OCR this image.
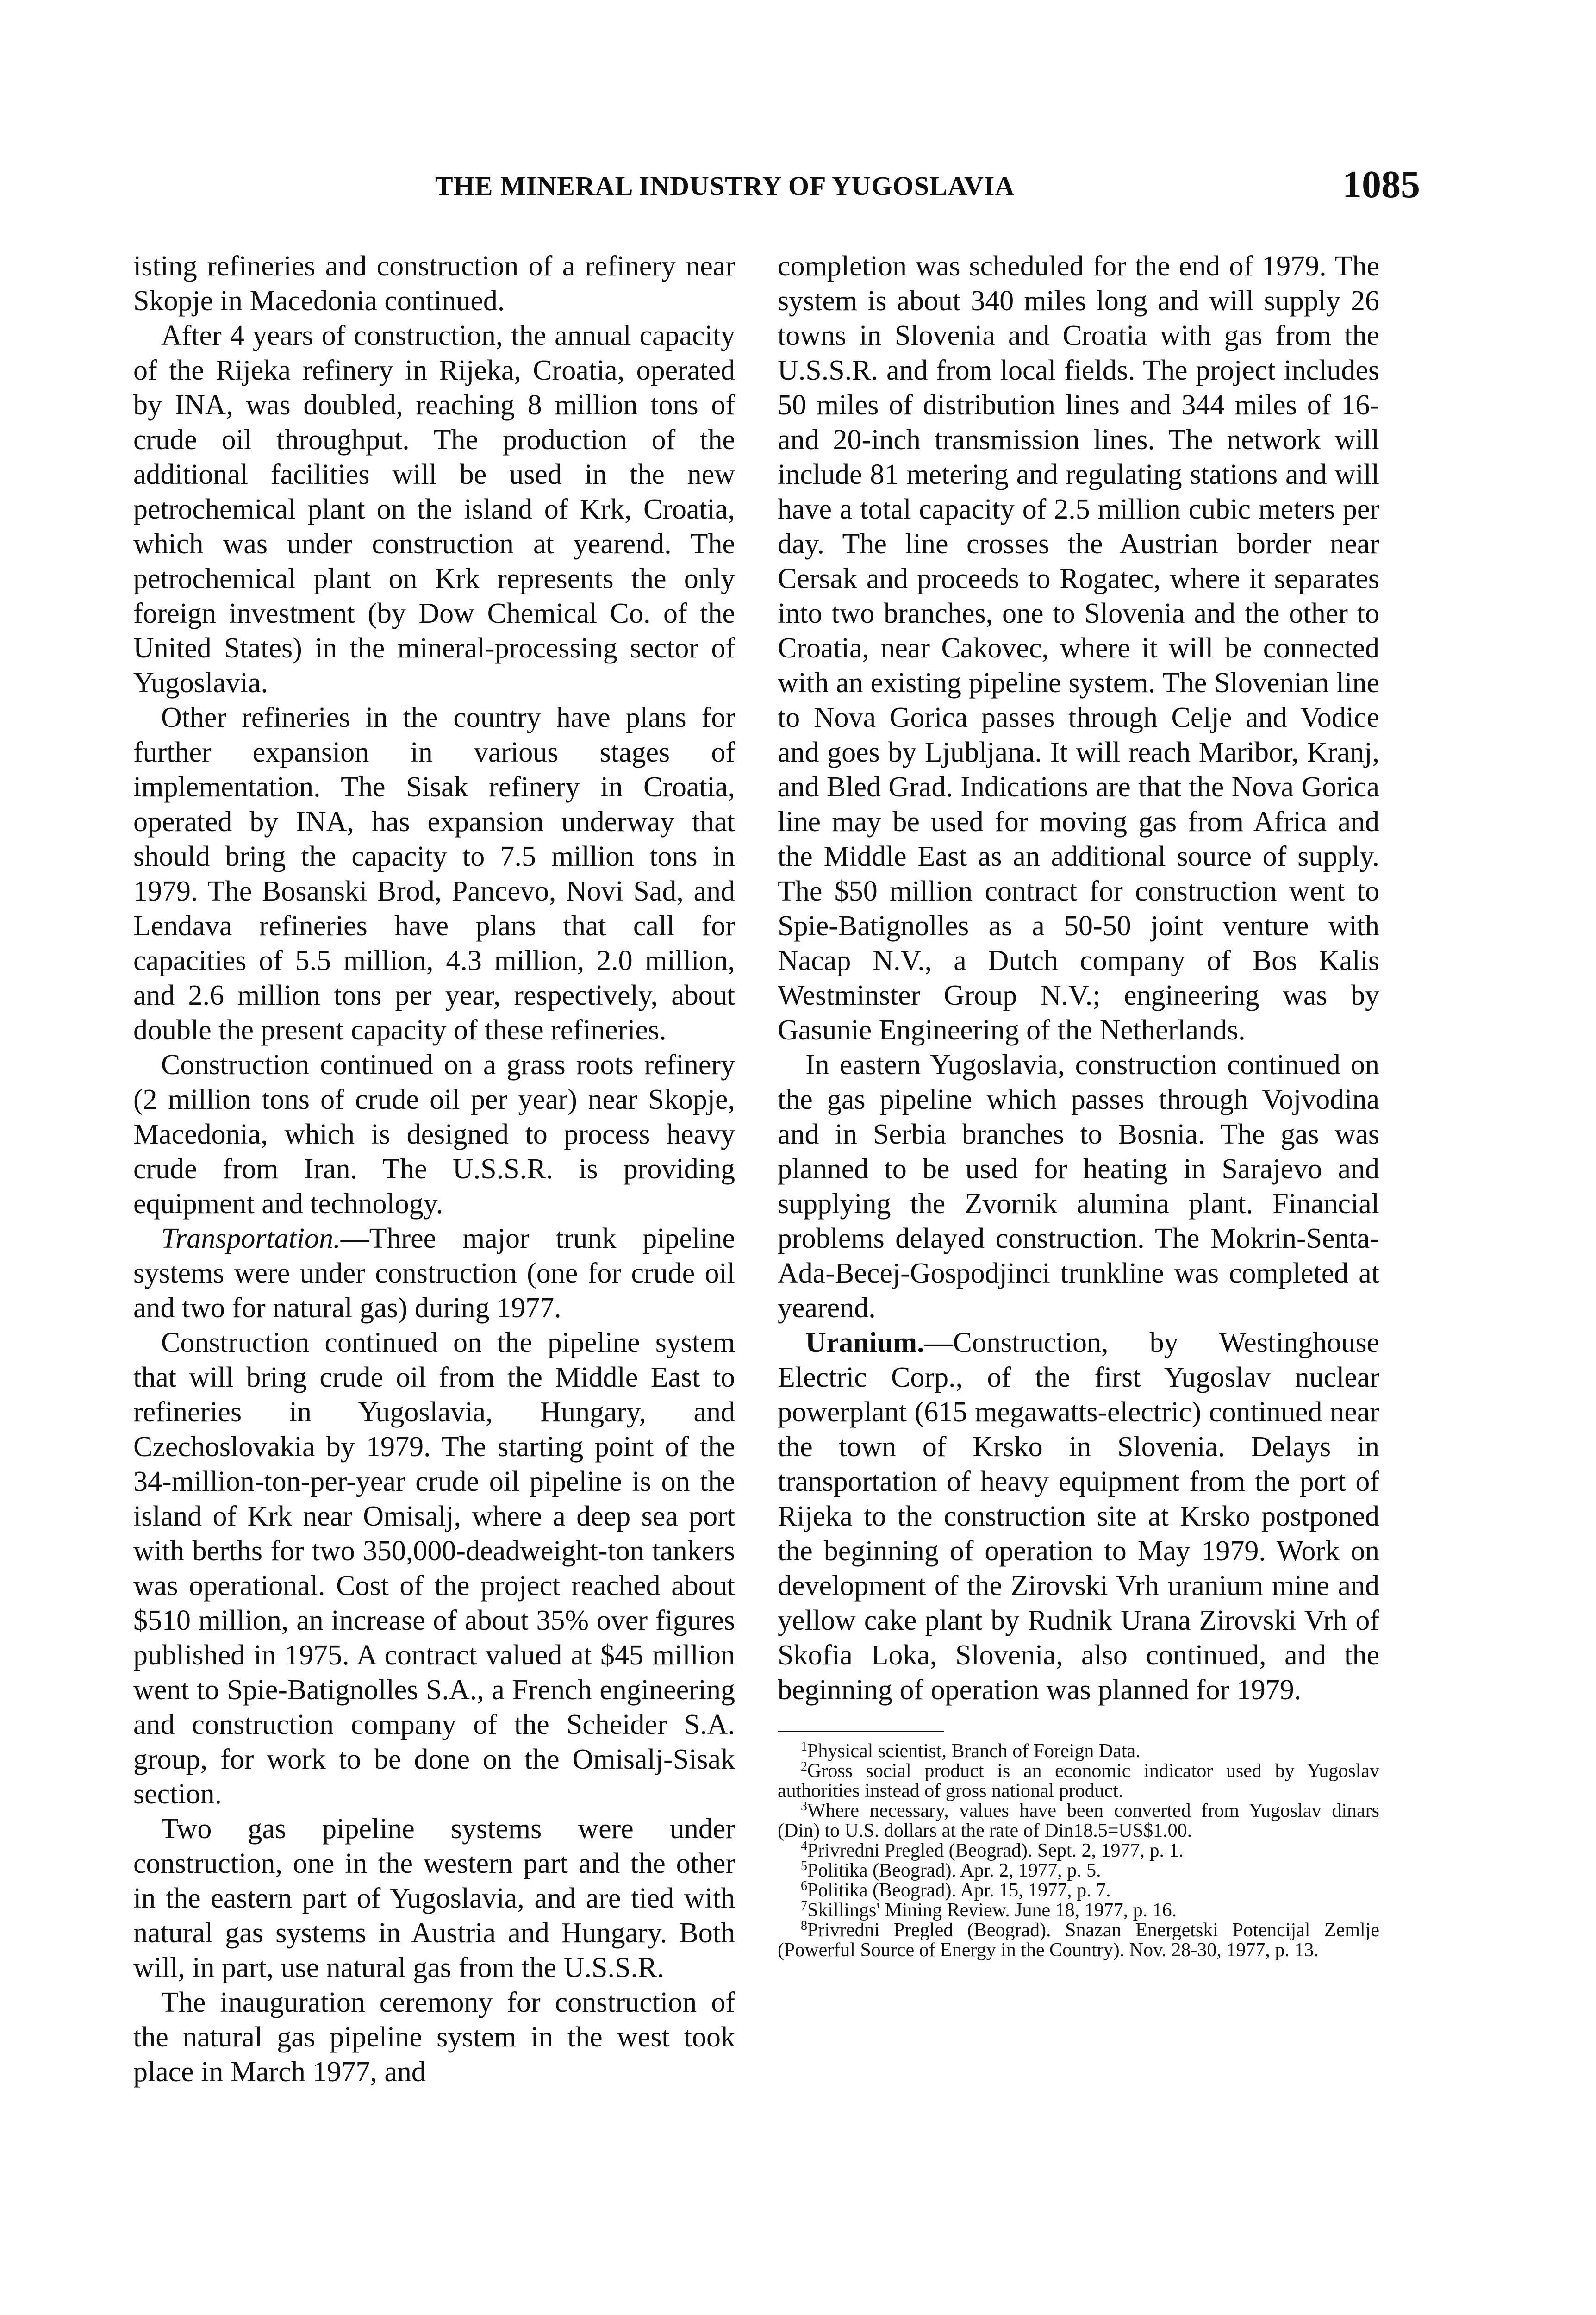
THE MINERAL INDUSTRY OF YUGOSLAVIA	1085

isting refineries and construction of a refinery near Skopje in Macedonia continued.

After 4 years of construction, the annual capacity of the Rijeka refinery in Rijeka, Croatia, operated by INA, was doubled, reaching 8 million tons of crude oil throughput. The production of the additional facilities will be used in the new petrochemical plant on the island of Krk, Croatia, which was under construction at yearend. The petrochemical plant on Krk represents the only foreign investment (by Dow Chemical Co. of the United States) in the mineral-processing sector of Yugoslavia.

Other refineries in the country have plans for further expansion in various stages of implementation. The Sisak refinery in Croatia, operated by INA, has expansion underway that should bring the capacity to 7.5 million tons in 1979. The Bosanski Brod, Pancevo, Novi Sad, and Lendava refineries have plans that call for capacities of 5.5 million, 4.3 million, 2.0 million, and 2.6 million tons per year, respectively, about double the present capacity of these refineries.

Construction continued on a grass roots refinery (2 million tons of crude oil per year) near Skopje, Macedonia, which is designed to process heavy crude from Iran. The U.S.S.R. is providing equipment and technology.

Transportation.—Three major trunk pipeline systems were under construction (one for crude oil and two for natural gas) during 1977.

Construction continued on the pipeline system that will bring crude oil from the Middle East to refineries in Yugoslavia, Hungary, and Czechoslovakia by 1979. The starting point of the 34-million-ton-per-year crude oil pipeline is on the island of Krk near Omisalj, where a deep sea port with berths for two 350,000-deadweight-ton tankers was operational. Cost of the project reached about $510 million, an increase of about 35% over figures published in 1975. A contract valued at $45 million went to Spie-Batignolles S.A., a French engineering and construction company of the Scheider S.A. group, for work to be done on the Omisalj-Sisak section.

Two gas pipeline systems were under construction, one in the western part and the other in the eastern part of Yugoslavia, and are tied with natural gas systems in Austria and Hungary. Both will, in part, use natural gas from the U.S.S.R.

The inauguration ceremony for construction of the natural gas pipeline system in the west took place in March 1977, and

completion was scheduled for the end of 1979. The system is about 340 miles long and will supply 26 towns in Slovenia and Croatia with gas from the U.S.S.R. and from local fields. The project includes 50 miles of distribution lines and 344 miles of 16- and 20-inch transmission lines. The network will include 81 metering and regulating stations and will have a total capacity of 2.5 million cubic meters per day. The line crosses the Austrian border near Cersak and proceeds to Rogatec, where it separates into two branches, one to Slovenia and the other to Croatia, near Cakovec, where it will be connected with an existing pipeline system. The Slovenian line to Nova Gorica passes through Celje and Vodice and goes by Ljubljana. It will reach Maribor, Kranj, and Bled Grad. Indications are that the Nova Gorica line may be used for moving gas from Africa and the Middle East as an additional source of supply. The $50 million contract for construction went to Spie-Batignolles as a 50-50 joint venture with Nacap N.V., a Dutch company of Bos Kalis Westminster Group N.V.; engineering was by Gasunie Engineering of the Netherlands.

In eastern Yugoslavia, construction continued on the gas pipeline which passes through Vojvodina and in Serbia branches to Bosnia. The gas was planned to be used for heating in Sarajevo and supplying the Zvornik alumina plant. Financial problems delayed construction. The Mokrin-Senta-Ada-Becej-Gospodjinci trunkline was completed at yearend.

Uranium.—Construction, by Westinghouse Electric Corp., of the first Yugoslav nuclear powerplant (615 megawatts-electric) continued near the town of Krsko in Slovenia. Delays in transportation of heavy equipment from the port of Rijeka to the construction site at Krsko postponed the beginning of operation to May 1979. Work on development of the Zirovski Vrh uranium mine and yellow cake plant by Rudnik Urana Zirovski Vrh of Skofia Loka, Slovenia, also continued, and the beginning of operation was planned for 1979.

$^1$Physical scientist, Branch of Foreign Data.

$^2$Gross social product is an economic indicator used by Yugoslav authorities instead of gross national product.

$^3$Where necessary, values have been converted from Yugoslav dinars (Din) to U.S. dollars at the rate of Din18.5=US$1.00.

$^4$Privredni Pregled (Beograd). Sept. 2, 1977, p. 1.

$^5$Politika (Beograd). Apr. 2, 1977, p. 5.

$^6$Politika (Beograd). Apr. 15, 1977, p. 7.

$^7$Skillings' Mining Review. June 18, 1977, p. 16.

$^8$Privredni Pregled (Beograd). Snazan Energetski Potencijal Zemlje (Powerful Source of Energy in the Country). Nov. 28-30, 1977, p. 13.
